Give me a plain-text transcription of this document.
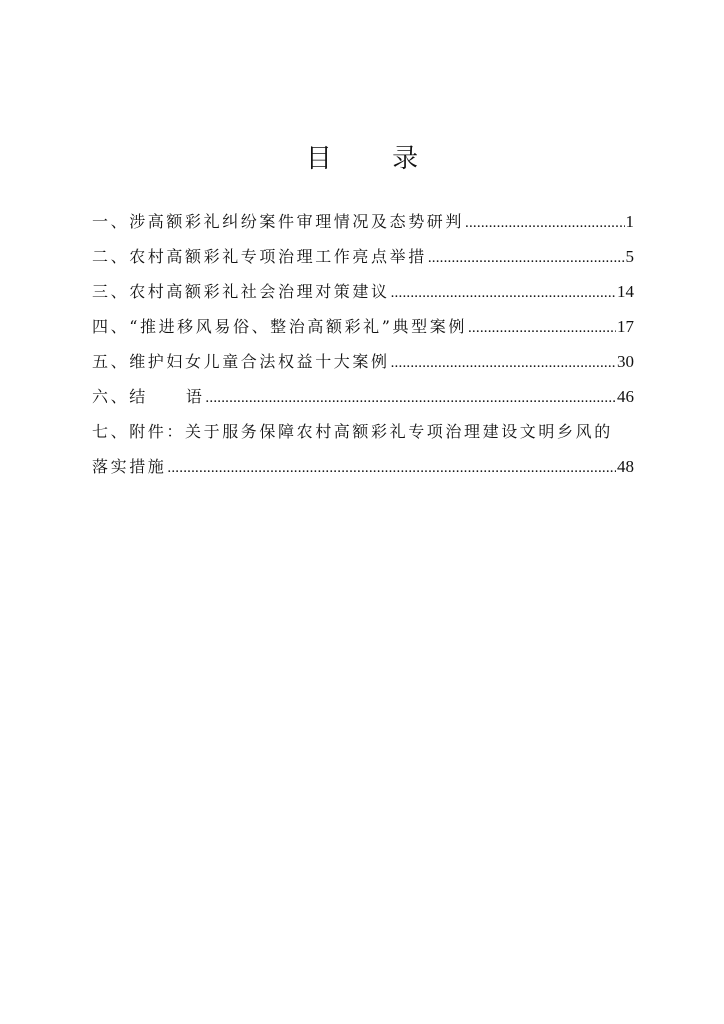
目 录
一、涉高额彩礼纠纷案件审理情况及态势研判 .....	1
二、农村高额彩礼专项治理工作亮点举措 .....	5
三、农村高额彩礼社会治理对策建议 .....	14
四、“推进移风易俗、整治高额彩礼”典型案例 .....	17
五、维护妇女儿童合法权益十大案例 .....	30
六、结 语 .....	46
七、附件：关于服务保障农村高额彩礼专项治理建设文明乡风的
落实措施 .....	48
